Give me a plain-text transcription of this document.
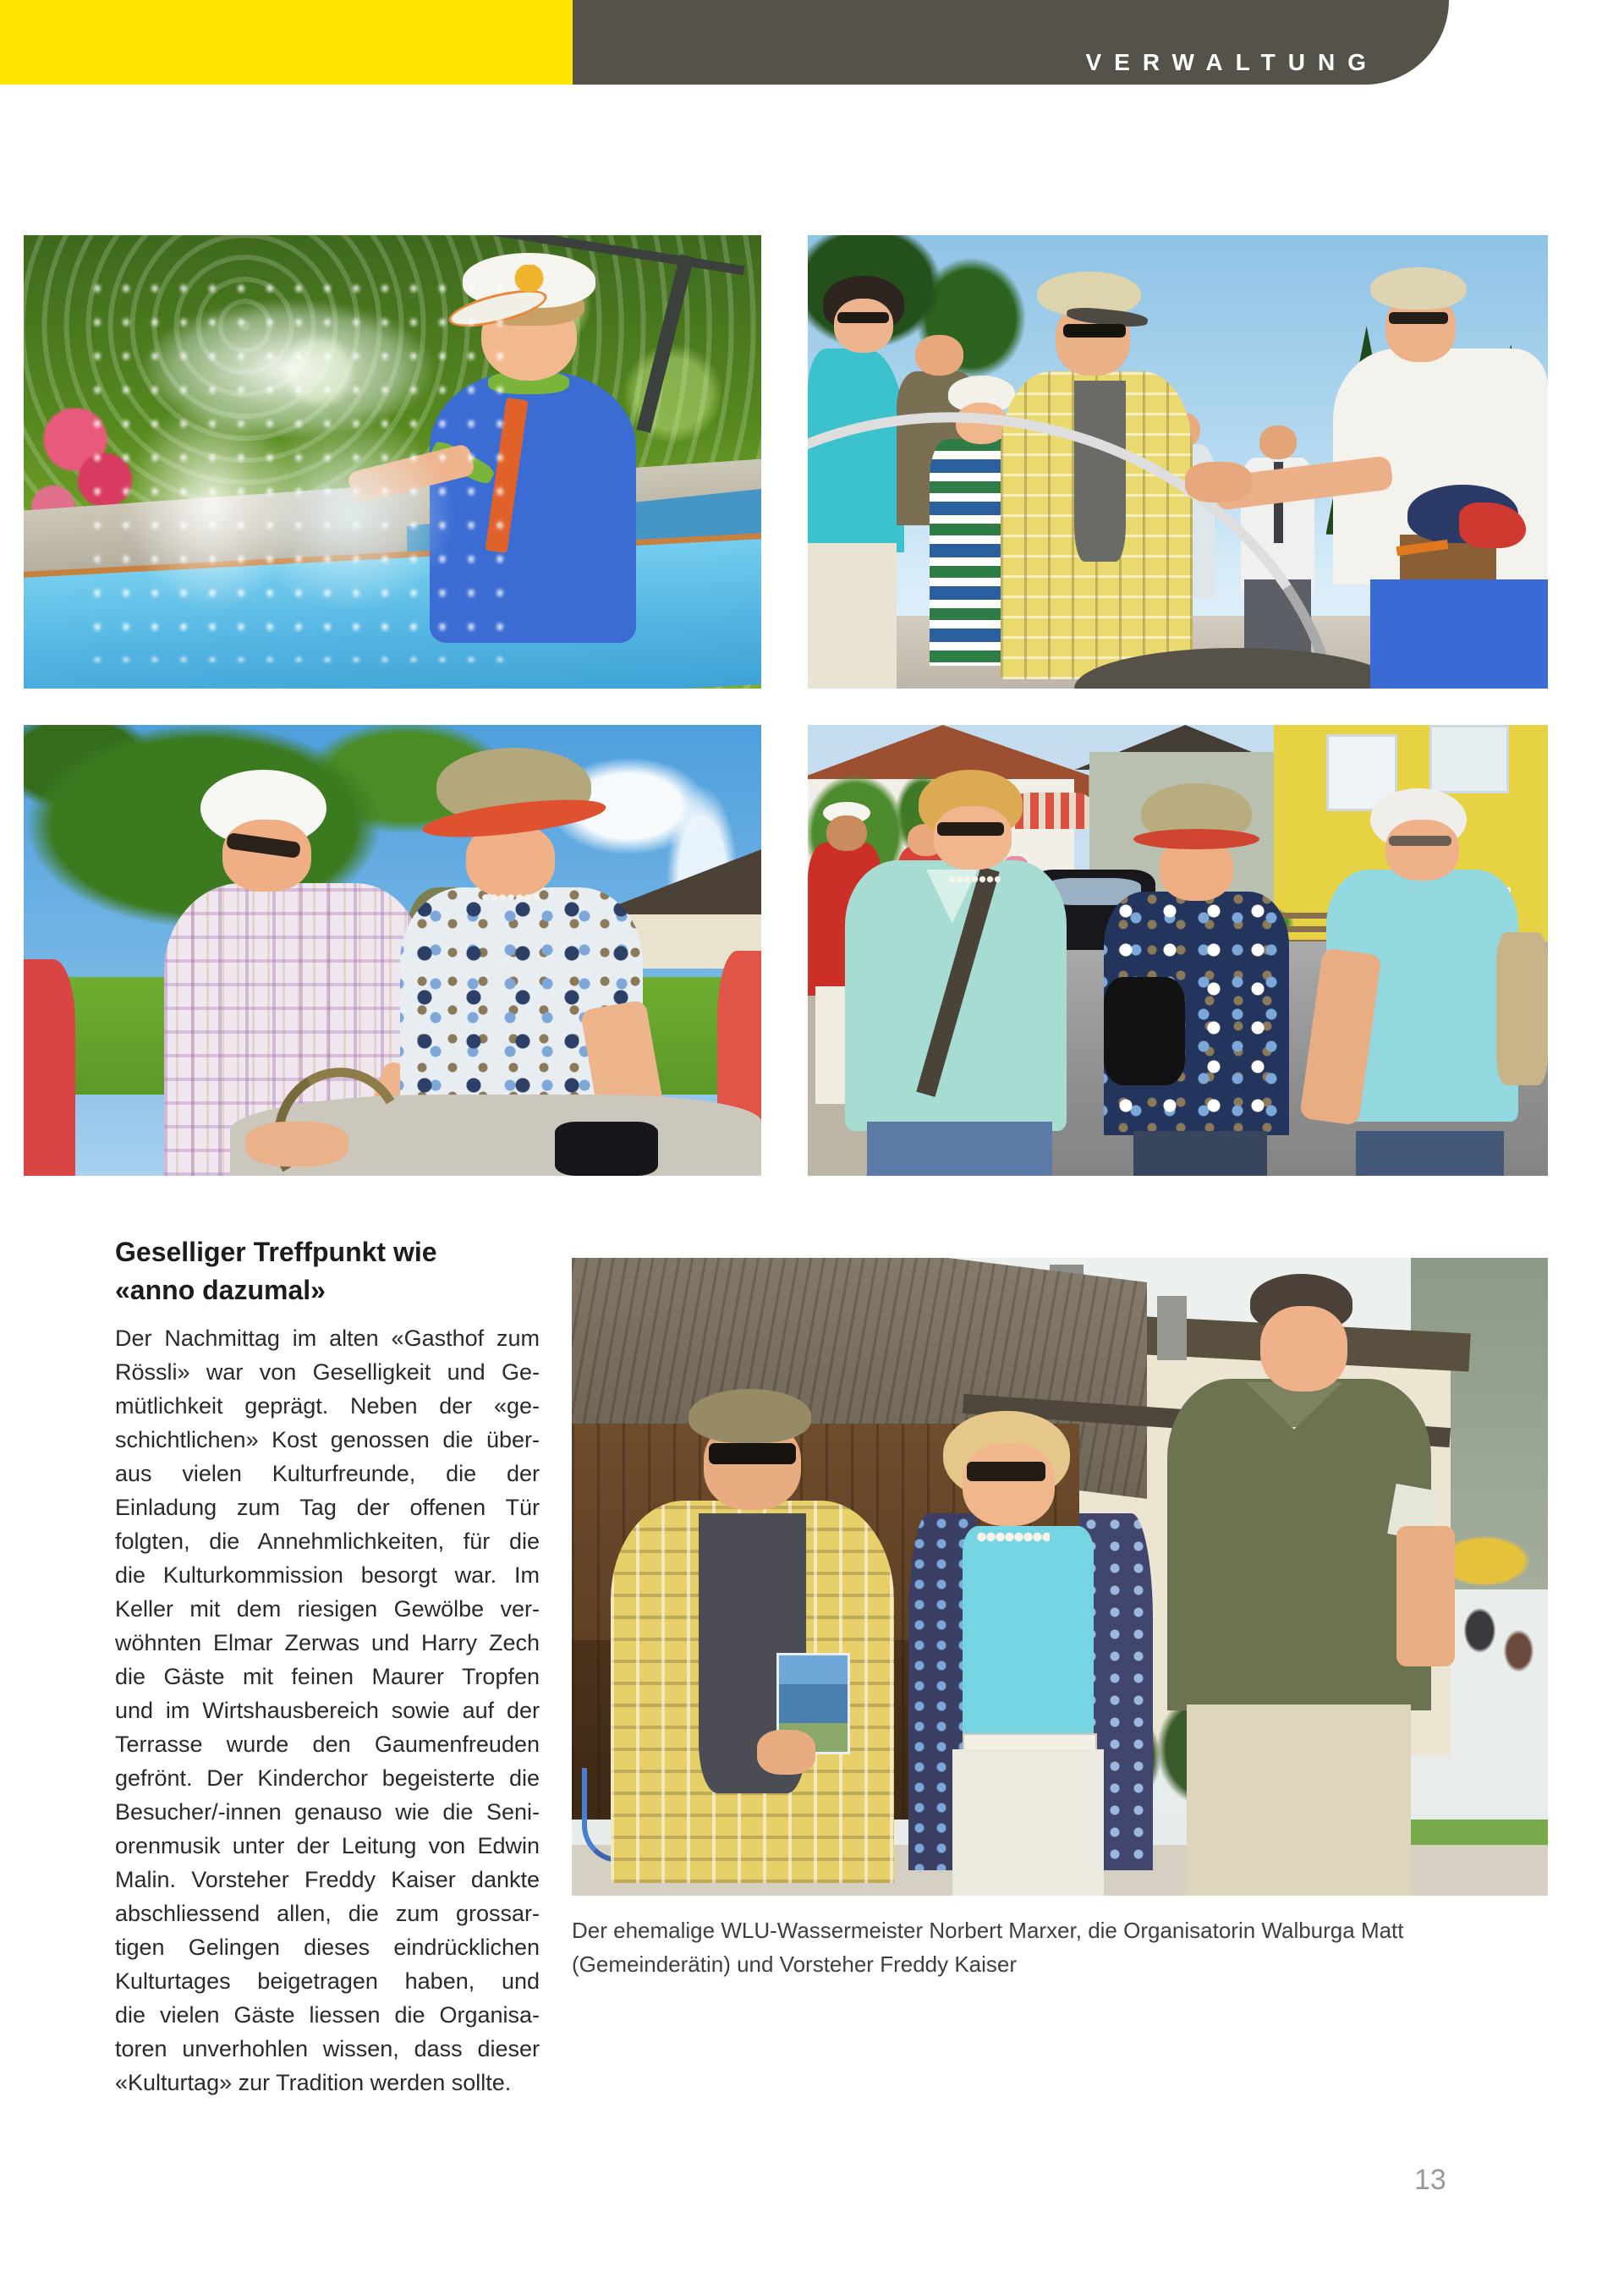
VERWALTUNG
Geselliger Treffpunkt wie
«anno dazumal»
Der Nachmittag im alten «Gasthof zum
Rössli» war von Geselligkeit und Ge-
mütlichkeit geprägt. Neben der «ge-
schichtlichen» Kost genossen die über-
aus vielen Kulturfreunde, die der
Einladung zum Tag der offenen Tür
folgten, die Annehmlichkeiten, für die
die Kulturkommission besorgt war. Im
Keller mit dem riesigen Gewölbe ver-
wöhnten Elmar Zerwas und Harry Zech
die Gäste mit feinen Maurer Tropfen
und im Wirtshausbereich sowie auf der
Terrasse wurde den Gaumenfreuden
gefrönt. Der Kinderchor begeisterte die
Besucher/-innen genauso wie die Seni-
orenmusik unter der Leitung von Edwin
Malin. Vorsteher Freddy Kaiser dankte
abschliessend allen, die zum grossar-
tigen Gelingen dieses eindrücklichen
Kulturtages beigetragen haben, und
die vielen Gäste liessen die Organisa-
toren unverhohlen wissen, dass dieser
«Kulturtag» zur Tradition werden sollte.
Der ehemalige WLU-Wassermeister Norbert Marxer, die Organisatorin Walburga Matt
(Gemeinderätin) und Vorsteher Freddy Kaiser
13
